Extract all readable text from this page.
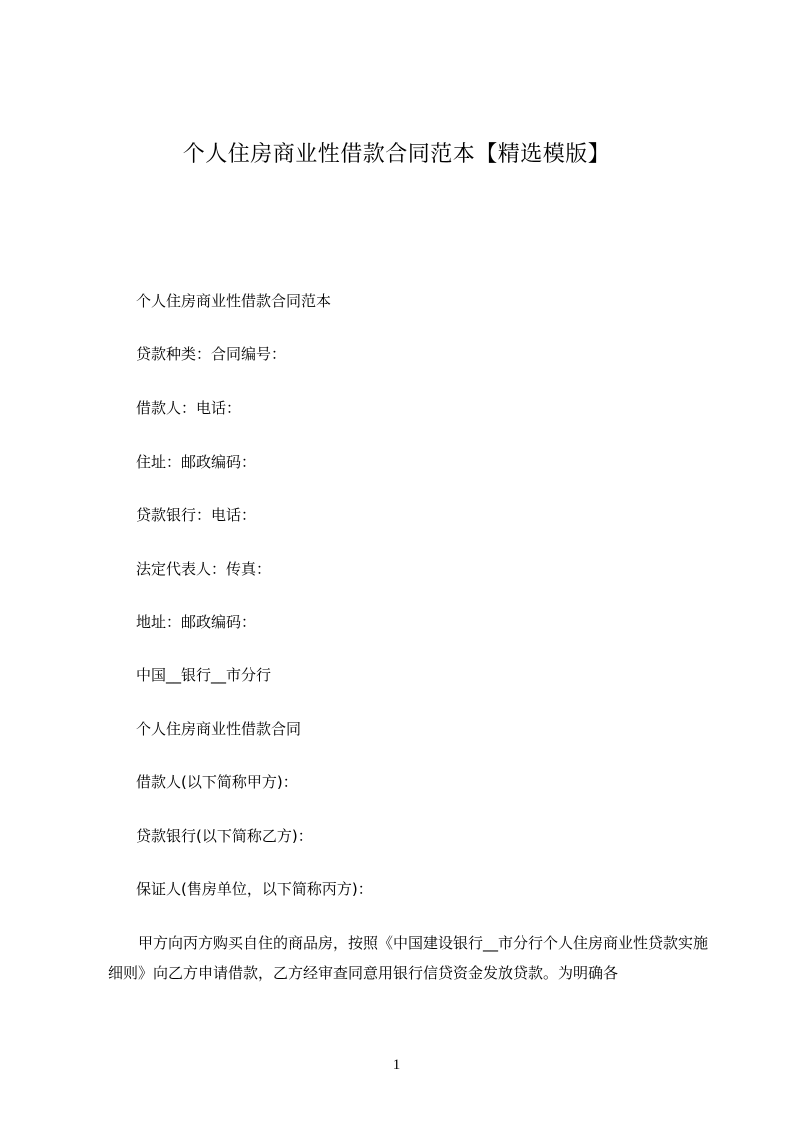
个人住房商业性借款合同范本【精选模版】

个人住房商业性借款合同范本

贷款种类：合同编号：

借款人：电话：

住址：邮政编码：

贷款银行：电话：

法定代表人：传真：

地址：邮政编码：

中国__银行__市分行

个人住房商业性借款合同

借款人(以下简称甲方)：

贷款银行(以下简称乙方)：

保证人(售房单位，以下简称丙方)：

甲方向丙方购买自住的商品房，按照《中国建设银行__市分行个人住房商业性贷款实施细则》向乙方申请借款，乙方经审查同意用银行信贷资金发放贷款。为明确各

1
